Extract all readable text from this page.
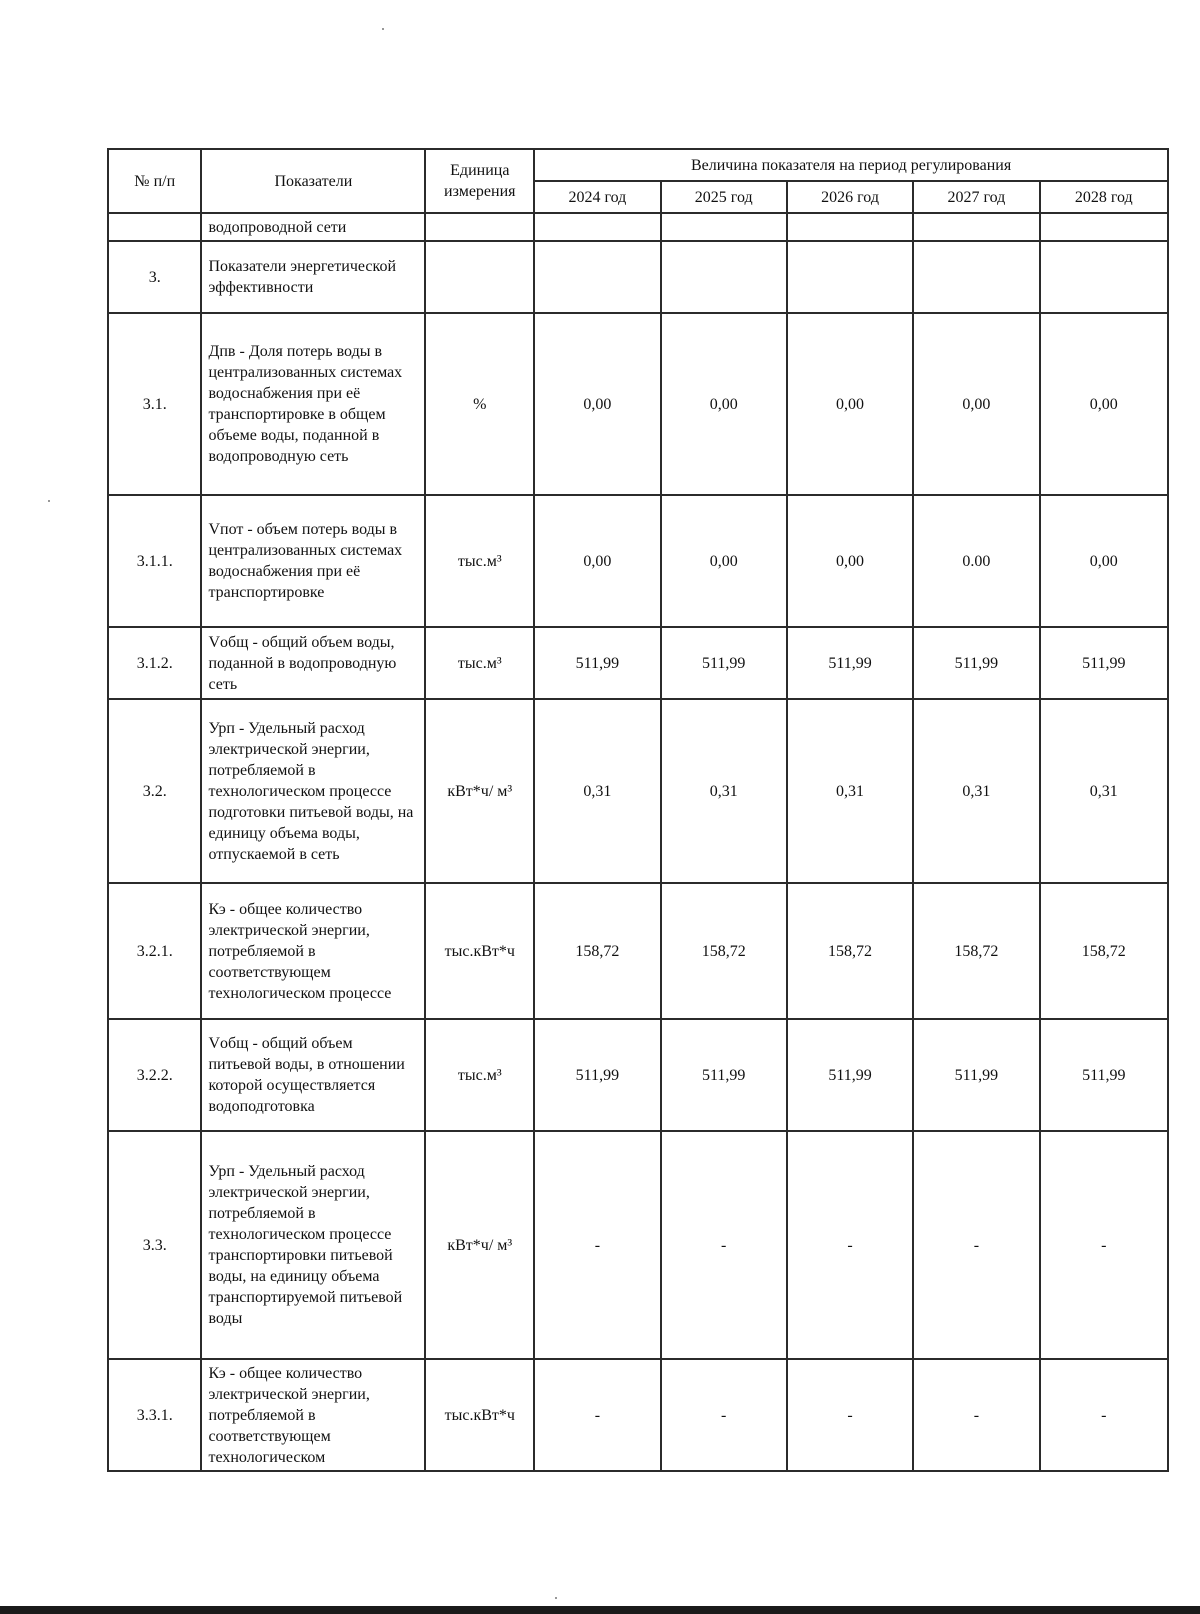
№ п/п	Показатели	Единица измерения	Величина показателя на период регулирования				
			2024 год	2025 год	2026 год	2027 год	2028 год
	водопроводной сети						
3.	Показатели энергетической эффективности						
3.1.	Дпв - Доля потерь воды в централизованных системах водоснабжения при её транспортировке в общем объеме воды, поданной в водопроводную сеть	%	0,00	0,00	0,00	0,00	0,00
3.1.1.	Vпот - объем потерь воды в централизованных системах водоснабжения при её транспортировке	тыс.м³	0,00	0,00	0,00	0.00	0,00
3.1.2.	Vобщ - общий объем воды, поданной в водопроводную сеть	тыс.м³	511,99	511,99	511,99	511,99	511,99
3.2.	Урп - Удельный расход электрической энергии, потребляемой в технологическом процессе подготовки питьевой воды, на единицу объема воды, отпускаемой в сеть	кВт*ч/ м³	0,31	0,31	0,31	0,31	0,31
3.2.1.	Кэ - общее количество электрической энергии, потребляемой в соответствующем технологическом процессе	тыс.кВт*ч	158,72	158,72	158,72	158,72	158,72
3.2.2.	Vобщ - общий объем питьевой воды, в отношении которой осуществляется водоподготовка	тыс.м³	511,99	511,99	511,99	511,99	511,99
3.3.	Урп - Удельный расход электрической энергии, потребляемой в технологическом процессе транспортировки питьевой воды, на единицу объема транспортируемой питьевой воды	кВт*ч/ м³	-	-	-	-	-
3.3.1.	Кэ - общее количество электрической энергии, потребляемой в соответствующем технологическом	тыс.кВт*ч	-	-	-	-	-
